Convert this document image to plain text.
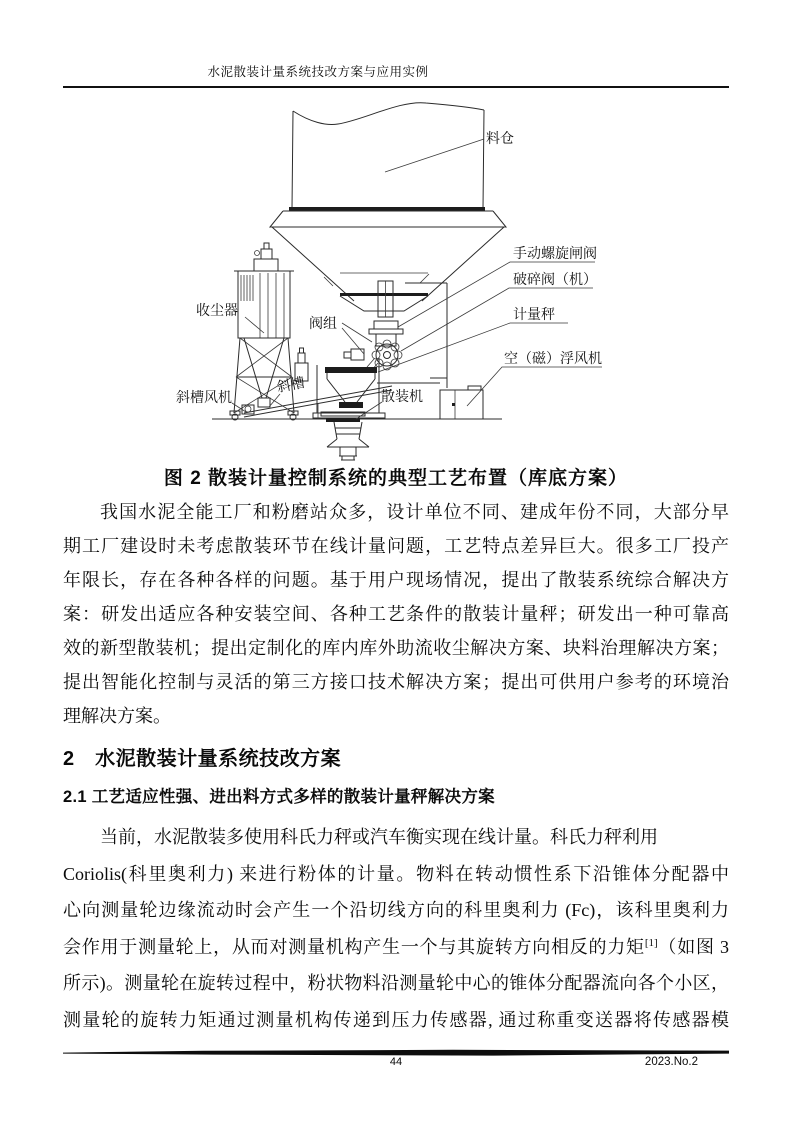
水泥散装计量系统技改方案与应用实例
料仓
手动螺旋闸阀
破碎阀（机）
计量秤
空（磁）浮风机
收尘器
阀组
斜槽风机	散装机
斜槽
图 2 散装计量控制系统的典型工艺布置（库底方案）
我国水泥全能工厂和粉磨站众多，设计单位不同、建成年份不同，大部分早
期工厂建设时未考虑散装环节在线计量问题，工艺特点差异巨大。很多工厂投产
年限长，存在各种各样的问题。基于用户现场情况，提出了散装系统综合解决方
案：研发出适应各种安装空间、各种工艺条件的散装计量秤；研发出一种可靠高
效的新型散装机；提出定制化的库内库外助流收尘解决方案、块料治理解决方案；
提出智能化控制与灵活的第三方接口技术解决方案；提出可供用户参考的环境治
理解决方案。
2　水泥散装计量系统技改方案
2.1 工艺适应性强、进出料方式多样的散装计量秤解决方案
当前，水泥散装多使用科氏力秤或汽车衡实现在线计量。科氏力秤利用
Coriolis(科里奥利力) 来进行粉体的计量。物料在转动惯性系下沿锥体分配器中
心向测量轮边缘流动时会产生一个沿切线方向的科里奥利力 (Fc)，该科里奥利力
会作用于测量轮上，从而对测量机构产生一个与其旋转方向相反的力矩[1]（如图 3
所示)。测量轮在旋转过程中，粉状物料沿测量轮中心的锥体分配器流向各个小区，
测量轮的旋转力矩通过测量机构传递到压力传感器, 通过称重变送器将传感器模
44	2023.No.2
